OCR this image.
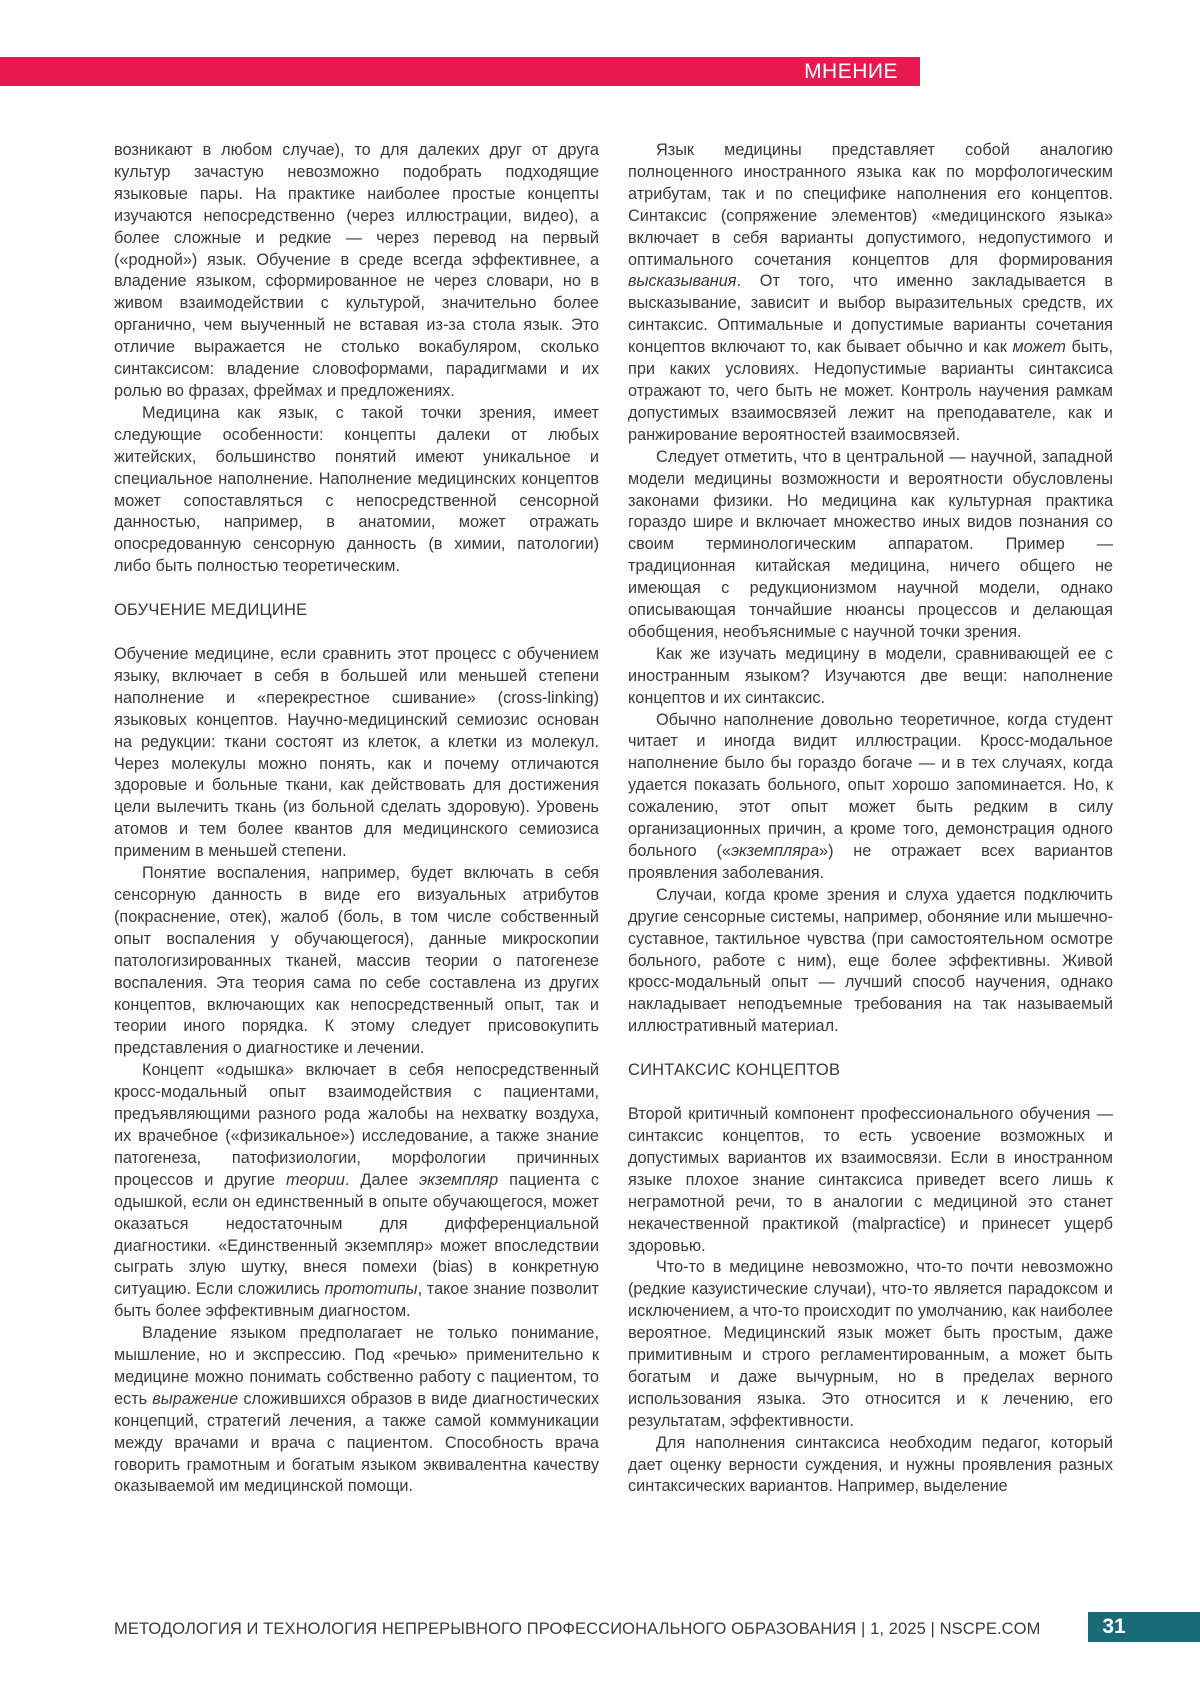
МНЕНИЕ

возникают в любом случае), то для далеких друг от друга культур зачастую невозможно подобрать подходящие языковые пары. На практике наиболее простые концепты изучаются непосредственно (через иллюстрации, видео), а более сложные и редкие — через перевод на первый («родной») язык. Обучение в среде всегда эффективнее, а владение языком, сформированное не через словари, но в живом взаимодействии с культурой, значительно более органично, чем выученный не вставая из-за стола язык. Это отличие выражается не столько вокабуляром, сколько синтаксисом: владение словоформами, парадигмами и их ролью во фразах, фреймах и предложениях.

Медицина как язык, с такой точки зрения, имеет следующие особенности: концепты далеки от любых житейских, большинство понятий имеют уникальное и специальное наполнение. Наполнение медицинских концептов может сопоставляться с непосредственной сенсорной данностью, например, в анатомии, может отражать опосредованную сенсорную данность (в химии, патологии) либо быть полностью теоретическим.

ОБУЧЕНИЕ МЕДИЦИНЕ

Обучение медицине, если сравнить этот процесс с обучением языку, включает в себя в большей или меньшей степени наполнение и «перекрестное сшивание» (cross-linking) языковых концептов. Научно-медицинский семиозис основан на редукции: ткани состоят из клеток, а клетки из молекул. Через молекулы можно понять, как и почему отличаются здоровые и больные ткани, как действовать для достижения цели вылечить ткань (из больной сделать здоровую). Уровень атомов и тем более квантов для медицинского семиозиса применим в меньшей степени.

Понятие воспаления, например, будет включать в себя сенсорную данность в виде его визуальных атрибутов (покраснение, отек), жалоб (боль, в том числе собственный опыт воспаления у обучающегося), данные микроскопии патологизированных тканей, массив теории о патогенезе воспаления. Эта теория сама по себе составлена из других концептов, включающих как непосредственный опыт, так и теории иного порядка. К этому следует присовокупить представления о диагностике и лечении.

Концепт «одышка» включает в себя непосредственный кросс-модальный опыт взаимодействия с пациентами, предъявляющими разного рода жалобы на нехватку воздуха, их врачебное («физикальное») исследование, а также знание патогенеза, патофизиологии, морфологии причинных процессов и другие теории. Далее экземпляр пациента с одышкой, если он единственный в опыте обучающегося, может оказаться недостаточным для дифференциальной диагностики. «Единственный экземпляр» может впоследствии сыграть злую шутку, внеся помехи (bias) в конкретную ситуацию. Если сложились прототипы, такое знание позволит быть более эффективным диагностом.

Владение языком предполагает не только понимание, мышление, но и экспрессию. Под «речью» применительно к медицине можно понимать собственно работу с пациентом, то есть выражение сложившихся образов в виде диагностических концепций, стратегий лечения, а также самой коммуникации между врачами и врача с пациентом. Способность врача говорить грамотным и богатым языком эквивалентна качеству оказываемой им медицинской помощи.

Язык медицины представляет собой аналогию полноценного иностранного языка как по морфологическим атрибутам, так и по специфике наполнения его концептов. Синтаксис (сопряжение элементов) «медицинского языка» включает в себя варианты допустимого, недопустимого и оптимального сочетания концептов для формирования высказывания. От того, что именно закладывается в высказывание, зависит и выбор выразительных средств, их синтаксис. Оптимальные и допустимые варианты сочетания концептов включают то, как бывает обычно и как может быть, при каких условиях. Недопустимые варианты синтаксиса отражают то, чего быть не может. Контроль научения рамкам допустимых взаимосвязей лежит на преподавателе, как и ранжирование вероятностей взаимосвязей.

Следует отметить, что в центральной — научной, западной модели медицины возможности и вероятности обусловлены законами физики. Но медицина как культурная практика гораздо шире и включает множество иных видов познания со своим терминологическим аппаратом. Пример — традиционная китайская медицина, ничего общего не имеющая с редукционизмом научной модели, однако описывающая тончайшие нюансы процессов и делающая обобщения, необъяснимые с научной точки зрения.

Как же изучать медицину в модели, сравнивающей ее с иностранным языком? Изучаются две вещи: наполнение концептов и их синтаксис.

Обычно наполнение довольно теоретичное, когда студент читает и иногда видит иллюстрации. Кросс-модальное наполнение было бы гораздо богаче — и в тех случаях, когда удается показать больного, опыт хорошо запоминается. Но, к сожалению, этот опыт может быть редким в силу организационных причин, а кроме того, демонстрация одного больного («экземпляра») не отражает всех вариантов проявления заболевания.

Случаи, когда кроме зрения и слуха удается подключить другие сенсорные системы, например, обоняние или мышечно-суставное, тактильное чувства (при самостоятельном осмотре больного, работе с ним), еще более эффективны. Живой кросс-модальный опыт — лучший способ научения, однако накладывает неподъемные требования на так называемый иллюстративный материал.

СИНТАКСИС КОНЦЕПТОВ

Второй критичный компонент профессионального обучения — синтаксис концептов, то есть усвоение возможных и допустимых вариантов их взаимосвязи. Если в иностранном языке плохое знание синтаксиса приведет всего лишь к неграмотной речи, то в аналогии с медициной это станет некачественной практикой (malpractice) и принесет ущерб здоровью.

Что-то в медицине невозможно, что-то почти невозможно (редкие казуистические случаи), что-то является парадоксом и исключением, а что-то происходит по умолчанию, как наиболее вероятное. Медицинский язык может быть простым, даже примитивным и строго регламентированным, а может быть богатым и даже вычурным, но в пределах верного использования языка. Это относится и к лечению, его результатам, эффективности.

Для наполнения синтаксиса необходим педагог, который дает оценку верности суждения, и нужны проявления разных синтаксических вариантов. Например, выделение

МЕТОДОЛОГИЯ И ТЕХНОЛОГИЯ НЕПРЕРЫВНОГО ПРОФЕССИОНАЛЬНОГО ОБРАЗОВАНИЯ | 1, 2025 | NSCPE.COM	31
